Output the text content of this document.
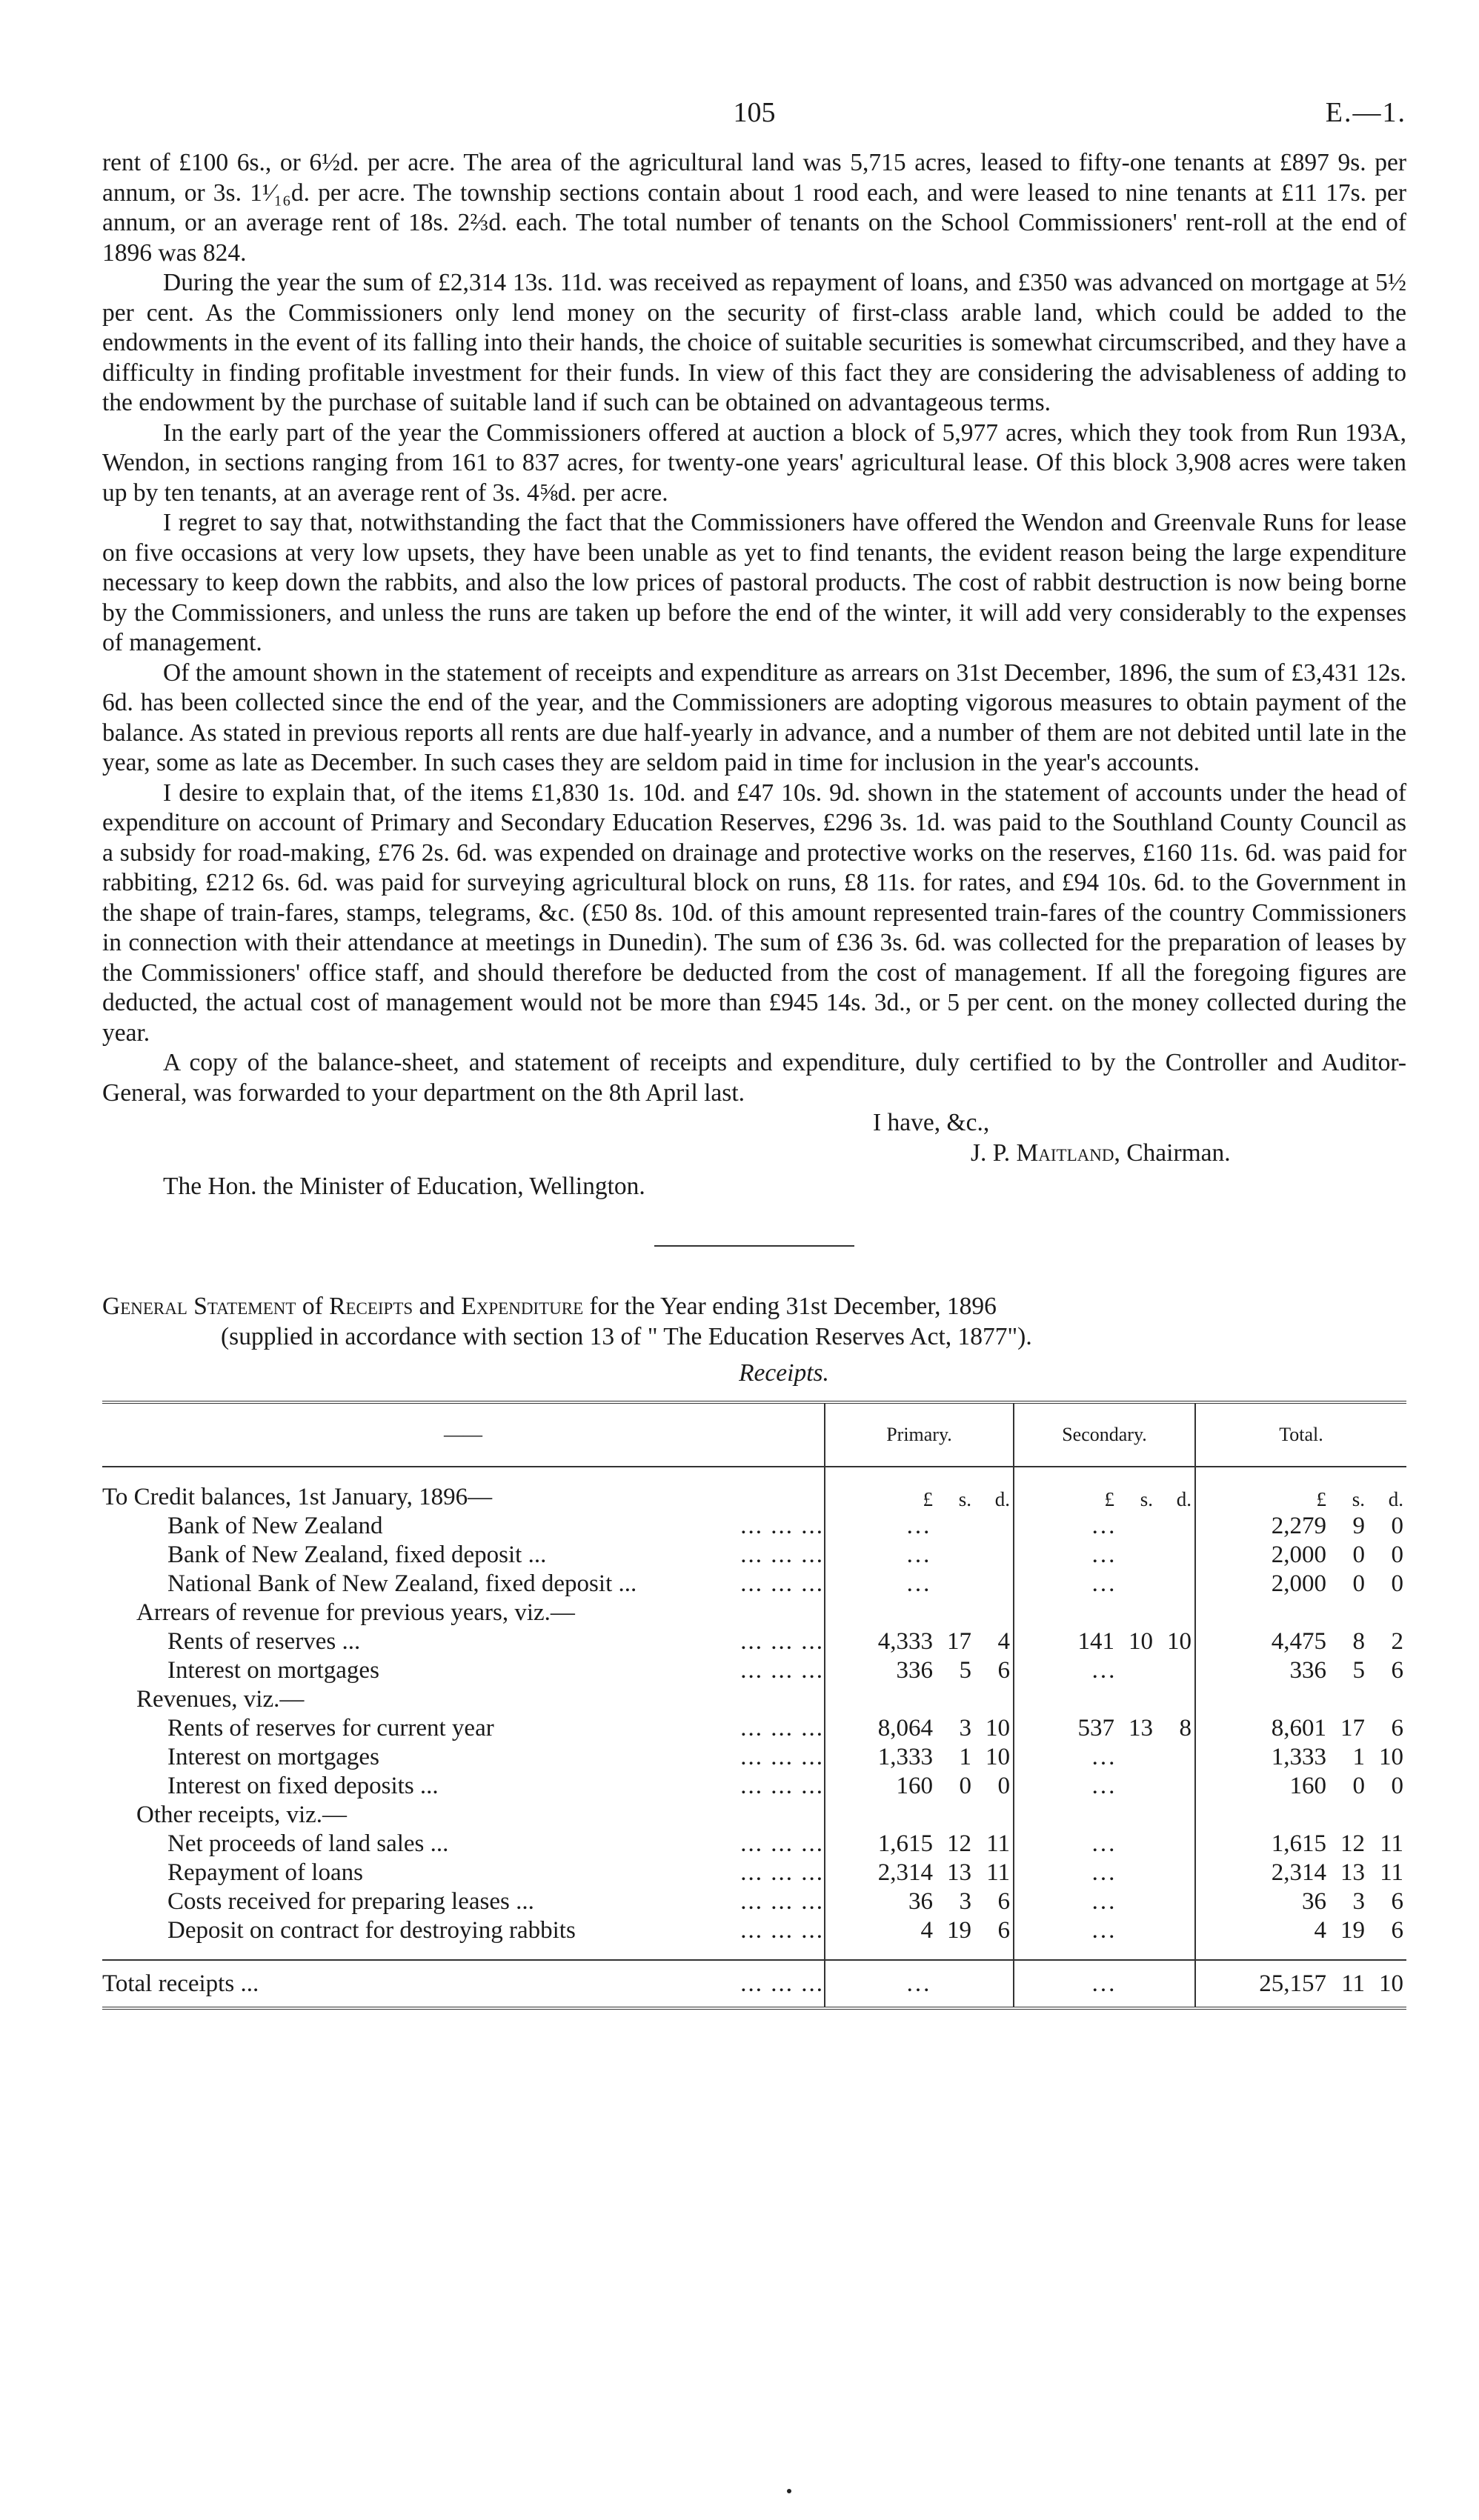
105	E.—1.

rent of £100 6s., or 6½d. per acre. The area of the agricultural land was 5,715 acres, leased to fifty-one tenants at £897 9s. per annum, or 3s. 1¹⁄₁₆d. per acre. The township sections contain about 1 rood each, and were leased to nine tenants at £11 17s. per annum, or an average rent of 18s. 2⅔d. each. The total number of tenants on the School Commissioners' rent-roll at the end of 1896 was 824.

During the year the sum of £2,314 13s. 11d. was received as repayment of loans, and £350 was advanced on mortgage at 5½ per cent. As the Commissioners only lend money on the security of first-class arable land, which could be added to the endowments in the event of its falling into their hands, the choice of suitable securities is somewhat circumscribed, and they have a difficulty in finding profitable investment for their funds. In view of this fact they are considering the advisableness of adding to the endowment by the purchase of suitable land if such can be obtained on advantageous terms.

In the early part of the year the Commissioners offered at auction a block of 5,977 acres, which they took from Run 193A, Wendon, in sections ranging from 161 to 837 acres, for twenty-one years' agricultural lease. Of this block 3,908 acres were taken up by ten tenants, at an average rent of 3s. 4⅝d. per acre.

I regret to say that, notwithstanding the fact that the Commissioners have offered the Wendon and Greenvale Runs for lease on five occasions at very low upsets, they have been unable as yet to find tenants, the evident reason being the large expenditure necessary to keep down the rabbits, and also the low prices of pastoral products. The cost of rabbit destruction is now being borne by the Commissioners, and unless the runs are taken up before the end of the winter, it will add very considerably to the expenses of management.

Of the amount shown in the statement of receipts and expenditure as arrears on 31st December, 1896, the sum of £3,431 12s. 6d. has been collected since the end of the year, and the Commissioners are adopting vigorous measures to obtain payment of the balance. As stated in previous reports all rents are due half-yearly in advance, and a number of them are not debited until late in the year, some as late as December. In such cases they are seldom paid in time for inclusion in the year's accounts.

I desire to explain that, of the items £1,830 1s. 10d. and £47 10s. 9d. shown in the statement of accounts under the head of expenditure on account of Primary and Secondary Education Reserves, £296 3s. 1d. was paid to the Southland County Council as a subsidy for road-making, £76 2s. 6d. was expended on drainage and protective works on the reserves, £160 11s. 6d. was paid for rabbiting, £212 6s. 6d. was paid for surveying agricultural block on runs, £8 11s. for rates, and £94 10s. 6d. to the Government in the shape of train-fares, stamps, telegrams, &c. (£50 8s. 10d. of this amount represented train-fares of the country Commissioners in connection with their attendance at meetings in Dunedin). The sum of £36 3s. 6d. was collected for the preparation of leases by the Commissioners' office staff, and should therefore be deducted from the cost of management. If all the foregoing figures are deducted, the actual cost of management would not be more than £945 14s. 3d., or 5 per cent. on the money collected during the year.

A copy of the balance-sheet, and statement of receipts and expenditure, duly certified to by the Controller and Auditor-General, was forwarded to your department on the 8th April last.

I have, &c.,
J. P. Maitland, Chairman.
The Hon. the Minister of Education, Wellington.
General Statement of Receipts and Expenditure for the Year ending 31st December, 1896
(supplied in accordance with section 13 of " The Education Reserves Act, 1877").
Receipts.
——	Primary.	Secondary.	Total.

To Credit balances, 1st January, 1896—	£ s. d.	£ s. d.	£ s. d.

Bank of New Zealand ... ... ...	...	...	2,279 9 0

Bank of New Zealand, fixed deposit ... ... ... ...	...	...	2,000 0 0

National Bank of New Zealand, fixed deposit ... ... ... ...	...	...	2,000 0 0

Arrears of revenue for previous years, viz.—			
Rents of reserves ... ... ... ...	4,333 17 4	141 10 10	4,475 8 2

Interest on mortgages ... ... ...	336 5 6	...	336 5 6

Revenues, viz.—			
Rents of reserves for current year ... ... ...	8,064 3 10	537 13 8	8,601 17 6

Interest on mortgages ... ... ...	1,333 1 10	...	1,333 1 10

Interest on fixed deposits ... ... ... ...	160 0 0	...	160 0 0

Other receipts, viz.—			
Net proceeds of land sales ... ... ... ...	1,615 12 11	...	1,615 12 11

Repayment of loans ... ... ...	2,314 13 11	...	2,314 13 11

Costs received for preparing leases ... ... ... ...	36 3 6	...	36 3 6

Deposit on contract for destroying rabbits ... ... ...	4 19 6	...	4 19 6

Total receipts ... ... ... ...	...	...	25,157 11 10
